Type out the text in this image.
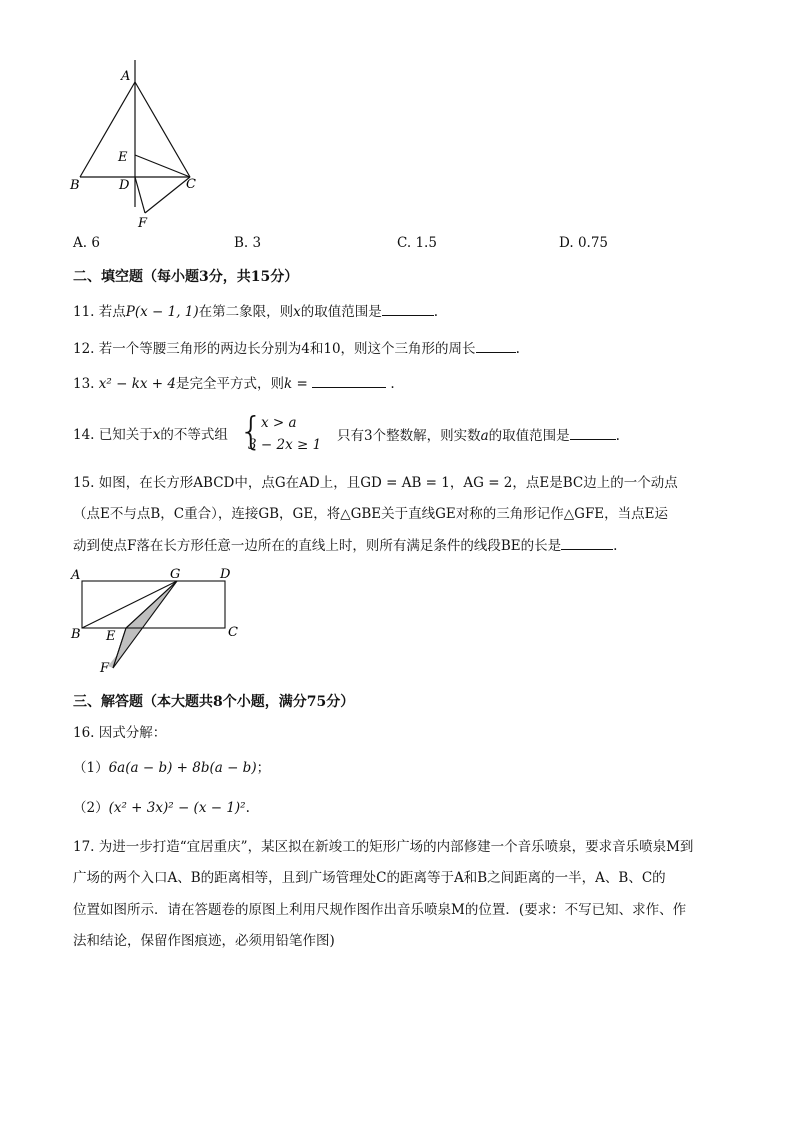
A
E
B	D	C
F
A. 6	B. 3	C. 1.5	D. 0.75
二、填空题（每小题3分，共15分）
11. 若点P(x − 1, 1)在第二象限，则x的取值范围是	.
12. 若一个等腰三角形的两边长分别为4和10，则这个三角形的周长	.
13. x² − kx + 4是完全平方式，则k =	.
14. 已知关于x的不等式组 {
x > a
3 − 2x ≥ 1
只有3个整数解，则实数a的取值范围是	.
15. 如图，在长方形ABCD中，点G在AD上，且GD = AB = 1，AG = 2，点E是BC边上的一个动点
（点E不与点B，C重合），连接GB，GE，将△GBE关于直线GE对称的三角形记作△GFE，当点E运
动到使点F落在长方形任意一边所在的直线上时，则所有满足条件的线段BE的长是	.
A	G	D
B E	C
F
三、解答题（本大题共8个小题，满分75分）
16. 因式分解：
（1）6a(a − b) + 8b(a − b)；
（2）(x² + 3x)² − (x − 1)².
17. 为进一步打造“宜居重庆”，某区拟在新竣工的矩形广场的内部修建一个音乐喷泉，要求音乐喷泉M到
广场的两个入口A、B的距离相等，且到广场管理处C的距离等于A和B之间距离的一半，A、B、C的
位置如图所示．请在答题卷的原图上利用尺规作图作出音乐喷泉M的位置．(要求：不写已知、求作、作
法和结论，保留作图痕迹，必须用铅笔作图)
